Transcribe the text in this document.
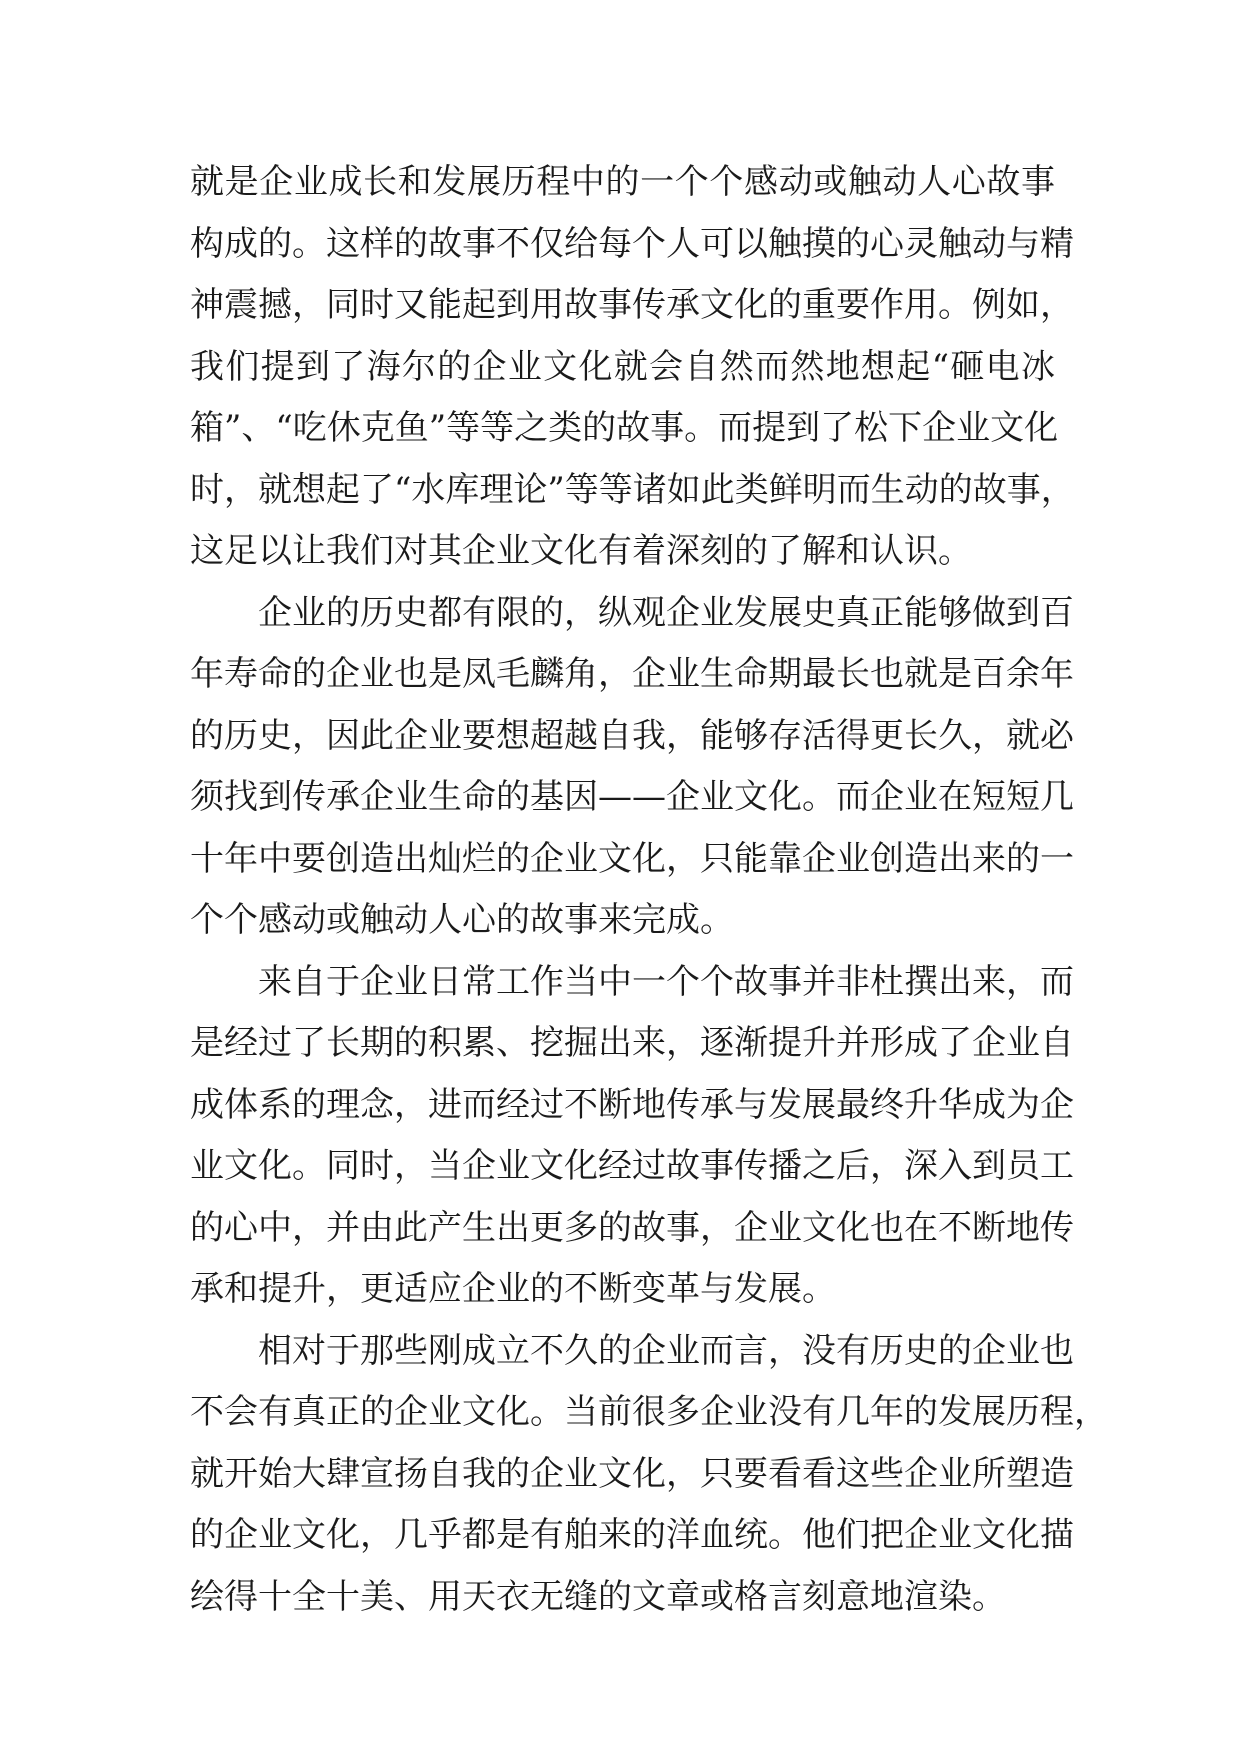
就是企业成长和发展历程中的一个个感动或触动人心故事
构成的。这样的故事不仅给每个人可以触摸的心灵触动与精
神震撼，同时又能起到用故事传承文化的重要作用。例如，
我们提到了海尔的企业文化就会自然而然地想起“砸电冰
箱”、“吃休克鱼”等等之类的故事。而提到了松下企业文化
时，就想起了“水库理论”等等诸如此类鲜明而生动的故事，
这足以让我们对其企业文化有着深刻的了解和认识。
企业的历史都有限的，纵观企业发展史真正能够做到百
年寿命的企业也是凤毛麟角，企业生命期最长也就是百余年
的历史，因此企业要想超越自我，能够存活得更长久，就必
须找到传承企业生命的基因——企业文化。而企业在短短几
十年中要创造出灿烂的企业文化，只能靠企业创造出来的一
个个感动或触动人心的故事来完成。
来自于企业日常工作当中一个个故事并非杜撰出来，而
是经过了长期的积累、挖掘出来，逐渐提升并形成了企业自
成体系的理念，进而经过不断地传承与发展最终升华成为企
业文化。同时，当企业文化经过故事传播之后，深入到员工
的心中，并由此产生出更多的故事，企业文化也在不断地传
承和提升，更适应企业的不断变革与发展。
相对于那些刚成立不久的企业而言，没有历史的企业也
不会有真正的企业文化。当前很多企业没有几年的发展历程，
就开始大肆宣扬自我的企业文化，只要看看这些企业所塑造
的企业文化，几乎都是有舶来的洋血统。他们把企业文化描
绘得十全十美、用天衣无缝的文章或格言刻意地渲染。
